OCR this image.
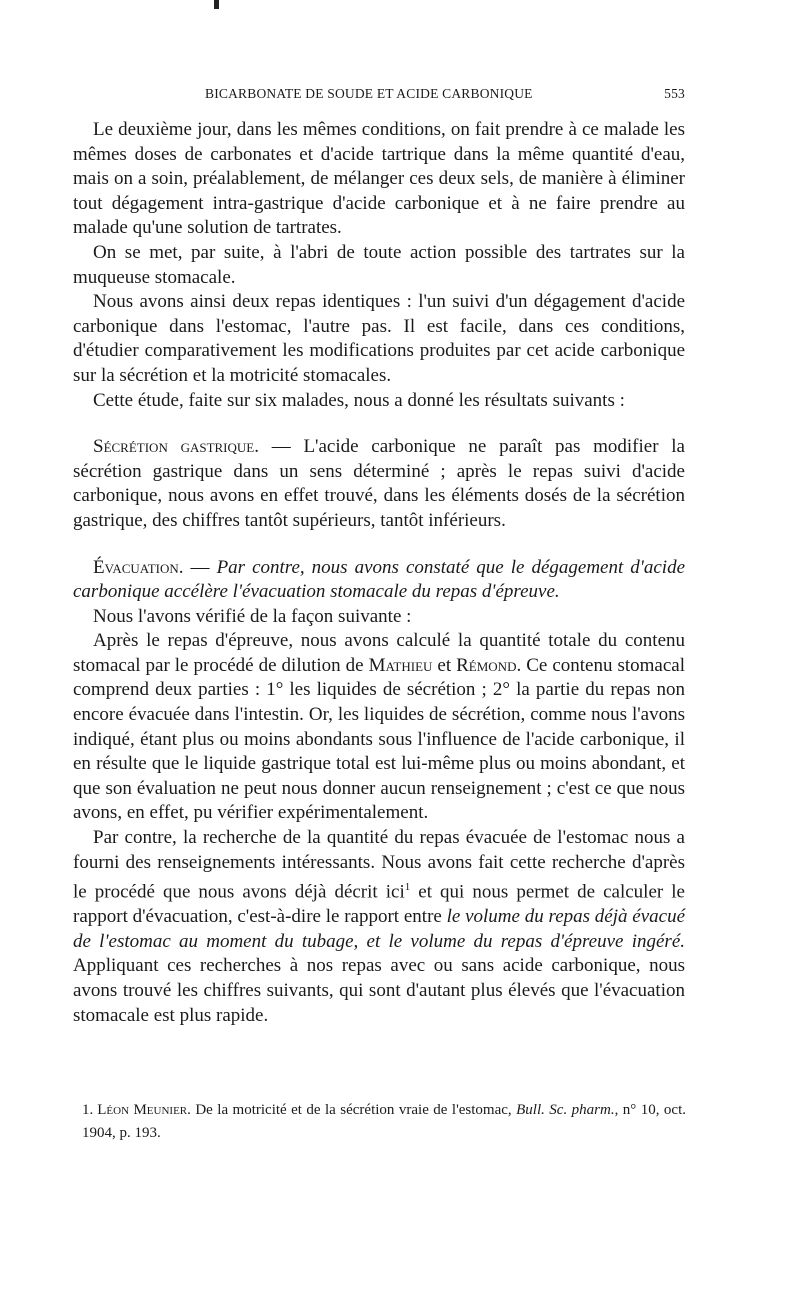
BICARBONATE DE SOUDE ET ACIDE CARBONIQUE	553

Le deuxième jour, dans les mêmes conditions, on fait prendre à ce malade les mêmes doses de carbonates et d'acide tartrique dans la même quantité d'eau, mais on a soin, préalablement, de mélanger ces deux sels, de manière à éliminer tout dégagement intra-gastrique d'acide carbonique et à ne faire prendre au malade qu'une solution de tartrates.

On se met, par suite, à l'abri de toute action possible des tartrates sur la muqueuse stomacale.

Nous avons ainsi deux repas identiques : l'un suivi d'un dégagement d'acide carbonique dans l'estomac, l'autre pas. Il est facile, dans ces conditions, d'étudier comparativement les modifications produites par cet acide carbonique sur la sécrétion et la motricité stomacales.

Cette étude, faite sur six malades, nous a donné les résultats suivants :

Sécrétion gastrique. — L'acide carbonique ne paraît pas modifier la sécrétion gastrique dans un sens déterminé ; après le repas suivi d'acide carbonique, nous avons en effet trouvé, dans les éléments dosés de la sécrétion gastrique, des chiffres tantôt supérieurs, tantôt inférieurs.

Évacuation. — Par contre, nous avons constaté que le dégagement d'acide carbonique accélère l'évacuation stomacale du repas d'épreuve.

Nous l'avons vérifié de la façon suivante :

Après le repas d'épreuve, nous avons calculé la quantité totale du contenu stomacal par le procédé de dilution de Mathieu et Rémond. Ce contenu stomacal comprend deux parties : 1° les liquides de sécrétion ; 2° la partie du repas non encore évacuée dans l'intestin. Or, les liquides de sécrétion, comme nous l'avons indiqué, étant plus ou moins abondants sous l'influence de l'acide carbonique, il en résulte que le liquide gastrique total est lui-même plus ou moins abondant, et que son évaluation ne peut nous donner aucun renseignement ; c'est ce que nous avons, en effet, pu vérifier expérimentalement.

Par contre, la recherche de la quantité du repas évacuée de l'estomac nous a fourni des renseignements intéressants. Nous avons fait cette recherche d'après le procédé que nous avons déjà décrit ici$^1$ et qui nous permet de calculer le rapport d'évacuation, c'est-à-dire le rapport entre le volume du repas déjà évacué de l'estomac au moment du tubage, et le volume du repas d'épreuve ingéré. Appliquant ces recherches à nos repas avec ou sans acide carbonique, nous avons trouvé les chiffres suivants, qui sont d'autant plus élevés que l'évacuation stomacale est plus rapide.

1. Léon Meunier. De la motricité et de la sécrétion vraie de l'estomac, Bull. Sc. pharm., n° 10, oct. 1904, p. 193.
